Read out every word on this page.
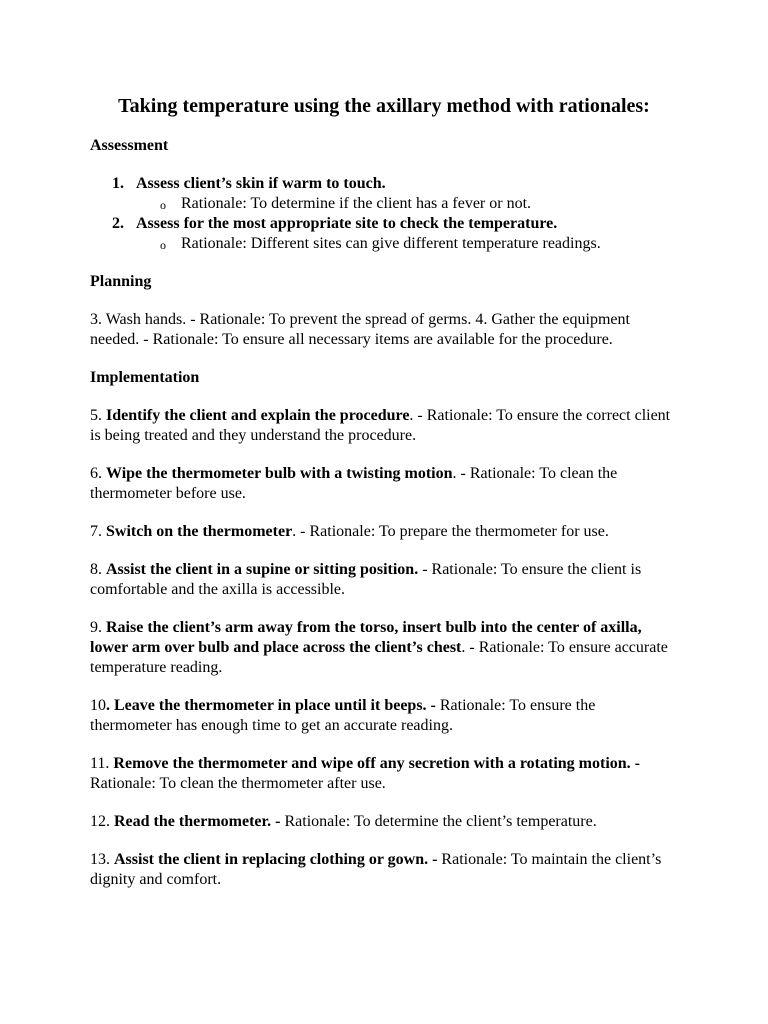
Taking temperature using the axillary method with rationales:

Assessment

1. Assess client’s skin if warm to touch.

o Rationale: To determine if the client has a fever or not.

2. Assess for the most appropriate site to check the temperature.

o Rationale: Different sites can give different temperature readings.

Planning

3. Wash hands. - Rationale: To prevent the spread of germs. 4. Gather the equipment needed. - Rationale: To ensure all necessary items are available for the procedure.

Implementation

5. Identify the client and explain the procedure. - Rationale: To ensure the correct client is being treated and they understand the procedure.

6. Wipe the thermometer bulb with a twisting motion. - Rationale: To clean the thermometer before use.

7. Switch on the thermometer. - Rationale: To prepare the thermometer for use.

8. Assist the client in a supine or sitting position. - Rationale: To ensure the client is comfortable and the axilla is accessible.

9. Raise the client’s arm away from the torso, insert bulb into the center of axilla, lower arm over bulb and place across the client’s chest. - Rationale: To ensure accurate temperature reading.

10. Leave the thermometer in place until it beeps. - Rationale: To ensure the thermometer has enough time to get an accurate reading.

11. Remove the thermometer and wipe off any secretion with a rotating motion. - Rationale: To clean the thermometer after use.

12. Read the thermometer. - Rationale: To determine the client’s temperature.

13. Assist the client in replacing clothing or gown. - Rationale: To maintain the client’s dignity and comfort.
